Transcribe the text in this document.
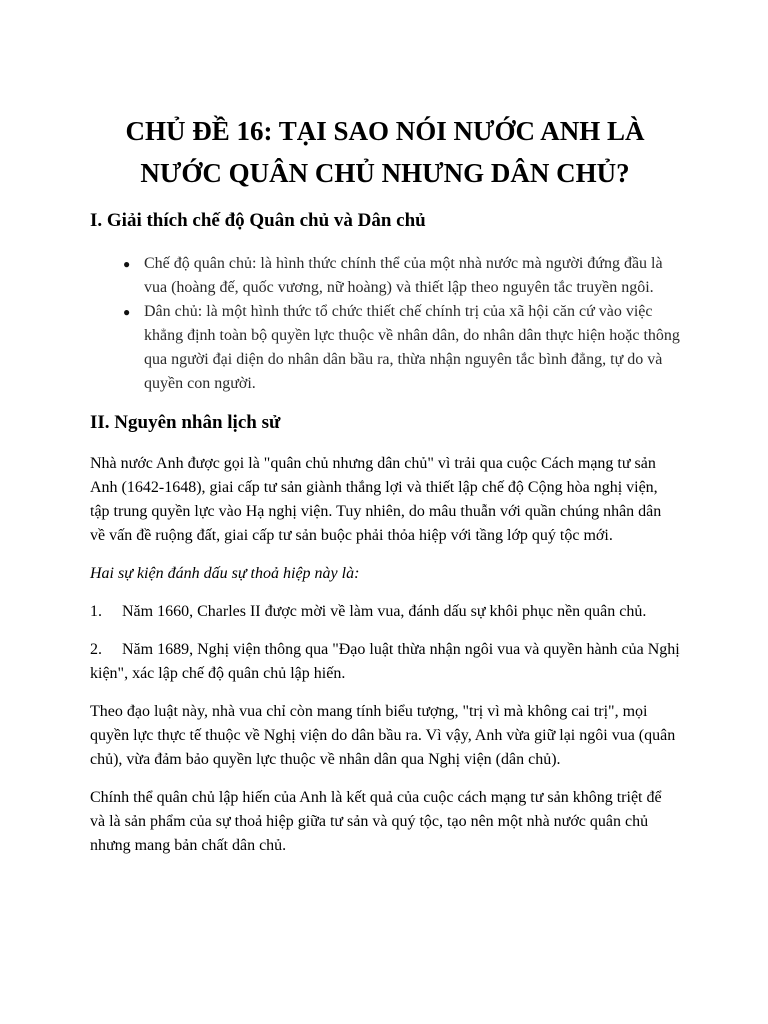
CHỦ ĐỀ 16: TẠI SAO NÓI NƯỚC ANH LÀ NƯỚC QUÂN CHỦ NHƯNG DÂN CHỦ?
I. Giải thích chế độ Quân chủ và Dân chủ
● Chế độ quân chủ: là hình thức chính thể của một nhà nước mà người đứng đầu là vua (hoàng đế, quốc vương, nữ hoàng) và thiết lập theo nguyên tắc truyền ngôi.
● Dân chủ: là một hình thức tổ chức thiết chế chính trị của xã hội căn cứ vào việc khẳng định toàn bộ quyền lực thuộc về nhân dân, do nhân dân thực hiện hoặc thông qua người đại diện do nhân dân bầu ra, thừa nhận nguyên tắc bình đẳng, tự do và quyền con người.
II. Nguyên nhân lịch sử

Nhà nước Anh được gọi là "quân chủ nhưng dân chủ" vì trải qua cuộc Cách mạng tư sản Anh (1642-1648), giai cấp tư sản giành thắng lợi và thiết lập chế độ Cộng hòa nghị viện, tập trung quyền lực vào Hạ nghị viện. Tuy nhiên, do mâu thuẫn với quần chúng nhân dân về vấn đề ruộng đất, giai cấp tư sản buộc phải thỏa hiệp với tầng lớp quý tộc mới.

Hai sự kiện đánh dấu sự thoả hiệp này là:

1. Năm 1660, Charles II được mời về làm vua, đánh dấu sự khôi phục nền quân chủ.

2. Năm 1689, Nghị viện thông qua "Đạo luật thừa nhận ngôi vua và quyền hành của Nghị kiện", xác lập chế độ quân chủ lập hiến.

Theo đạo luật này, nhà vua chỉ còn mang tính biểu tượng, "trị vì mà không cai trị", mọi quyền lực thực tế thuộc về Nghị viện do dân bầu ra. Vì vậy, Anh vừa giữ lại ngôi vua (quân chủ), vừa đảm bảo quyền lực thuộc về nhân dân qua Nghị viện (dân chủ).

Chính thể quân chủ lập hiến của Anh là kết quả của cuộc cách mạng tư sản không triệt để và là sản phẩm của sự thoả hiệp giữa tư sản và quý tộc, tạo nên một nhà nước quân chủ nhưng mang bản chất dân chủ.
